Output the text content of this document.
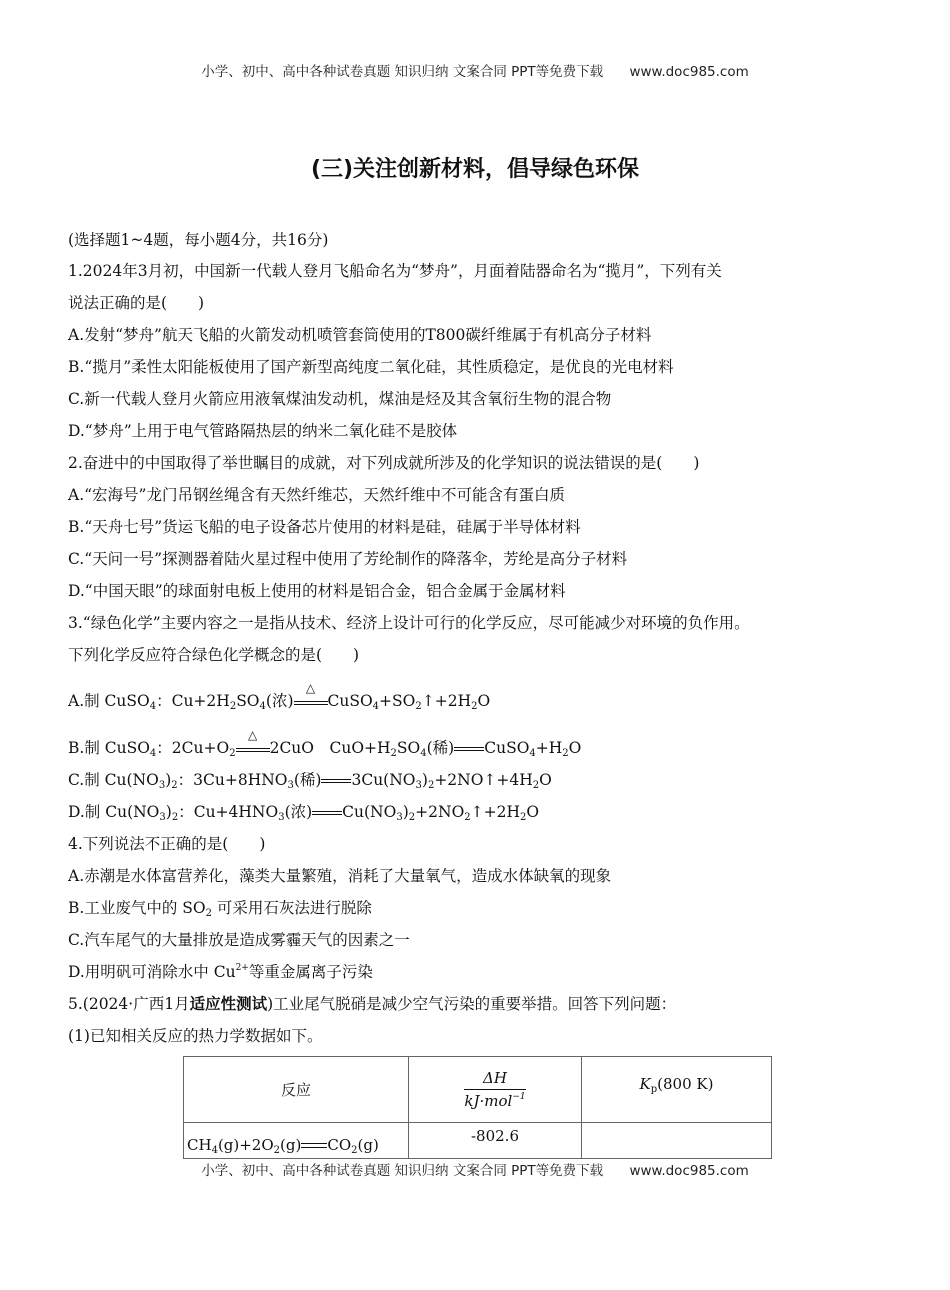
小学、初中、高中各种试卷真题 知识归纳 文案合同 PPT等免费下载 www.doc985.com
(三)关注创新材料，倡导绿色环保
(选择题1~4题，每小题4分，共16分)
1.2024年3月初，中国新一代载人登月飞船命名为“梦舟”，月面着陆器命名为“揽月”，下列有关
说法正确的是(　　)
A.发射“梦舟”航天飞船的火箭发动机喷管套筒使用的T800碳纤维属于有机高分子材料
B.“揽月”柔性太阳能板使用了国产新型高纯度二氧化硅，其性质稳定，是优良的光电材料
C.新一代载人登月火箭应用液氧煤油发动机，煤油是烃及其含氧衍生物的混合物
D.“梦舟”上用于电气管路隔热层的纳米二氧化硅不是胶体
2.奋进中的中国取得了举世瞩目的成就，对下列成就所涉及的化学知识的说法错误的是(　　)
A.“宏海号”龙门吊钢丝绳含有天然纤维芯，天然纤维中不可能含有蛋白质
B.“天舟七号”货运飞船的电子设备芯片使用的材料是硅，硅属于半导体材料
C.“天问一号”探测器着陆火星过程中使用了芳纶制作的降落伞，芳纶是高分子材料
D.“中国天眼”的球面射电板上使用的材料是铝合金，铝合金属于金属材料
3.“绿色化学”主要内容之一是指从技术、经济上设计可行的化学反应，尽可能减少对环境的负作用。
下列化学反应符合绿色化学概念的是(　　)
A.制 CuSO$_4$：$Cu+2H_2SO_4$(浓)
△
$CuSO_4+SO_2↑+2H_2O$
B.制 CuSO$_4$：$2Cu+O_2$
△
2CuO　$CuO+H_2SO_4$(稀) $CuSO_4+H_2O$
C.制 $Cu(NO_3)_2$：$3Cu+8HNO_3$(稀) $3Cu(NO_3)_2+2NO↑+4H_2O$
D.制 $Cu(NO_3)_2$：$Cu+4HNO_3$(浓) $Cu(NO_3)_2+2NO_2↑+2H_2O$
4.下列说法不正确的是(　　)
A.赤潮是水体富营养化，藻类大量繁殖，消耗了大量氧气，造成水体缺氧的现象
B.工业废气中的 $SO_2$ 可采用石灰法进行脱除
C.汽车尾气的大量排放是造成雾霾天气的因素之一
D.用明矾可消除水中 $Cu^{2+}$等重金属离子污染
5.(2024·广西1月适应性测试)工业尾气脱硝是减少空气污染的重要举措。回答下列问题：
(1)已知相关反应的热力学数据如下。
反应	$\frac{\Delta H}{kJ\cdot mol^{-1}}$	$K_p(800$ K)
$CH_4(g)+2O_2(g)$ $CO_2(g)$	-802.6	
小学、初中、高中各种试卷真题 知识归纳 文案合同 PPT等免费下载 www.doc985.com
